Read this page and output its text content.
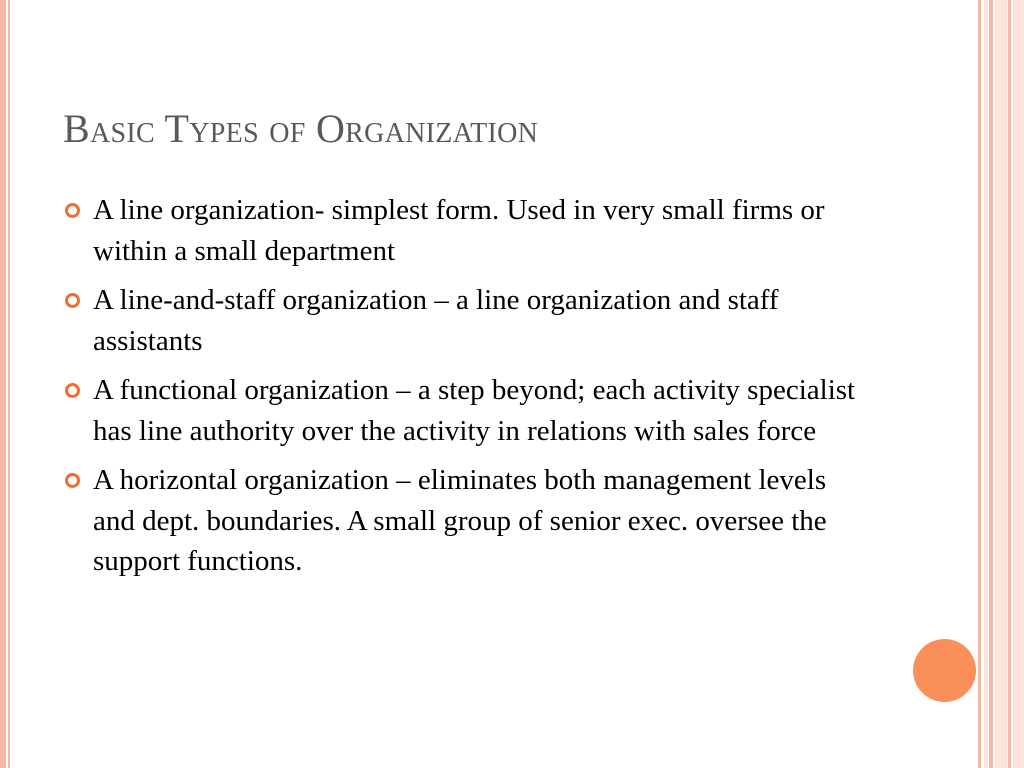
Basic Types of Organization
A line organization- simplest form. Used in very small firms or within a small department
A line-and-staff organization – a line organization and staff assistants
A functional organization – a step beyond; each activity specialist has line authority over the activity in relations with sales force
A horizontal organization – eliminates both management levels and dept. boundaries. A small group of senior exec. oversee the support functions.
